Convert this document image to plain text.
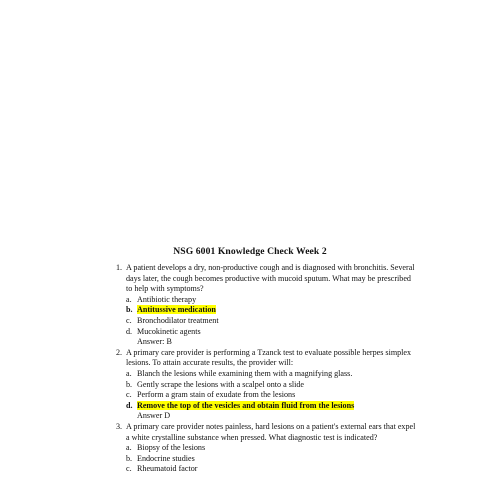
NSG 6001 Knowledge Check Week 2
1. A patient develops a dry, non-productive cough and is diagnosed with bronchitis. Several
days later, the cough becomes productive with mucoid sputum. What may be prescribed
to help with symptoms?
a. Antibiotic therapy
b. Antitussive medication
c. Bronchodilator treatment
d. Mucokinetic agents
Answer: B
2. A primary care provider is performing a Tzanck test to evaluate possible herpes simplex
lesions. To attain accurate results, the provider will:
a. Blanch the lesions while examining them with a magnifying glass.
b. Gently scrape the lesions with a scalpel onto a slide
c. Perform a gram stain of exudate from the lesions
d. Remove the top of the vesicles and obtain fluid from the lesions
Answer D
3. A primary care provider notes painless, hard lesions on a patient's external ears that expel
a white crystalline substance when pressed. What diagnostic test is indicated?
a. Biopsy of the lesions
b. Endocrine studies
c. Rheumatoid factor
